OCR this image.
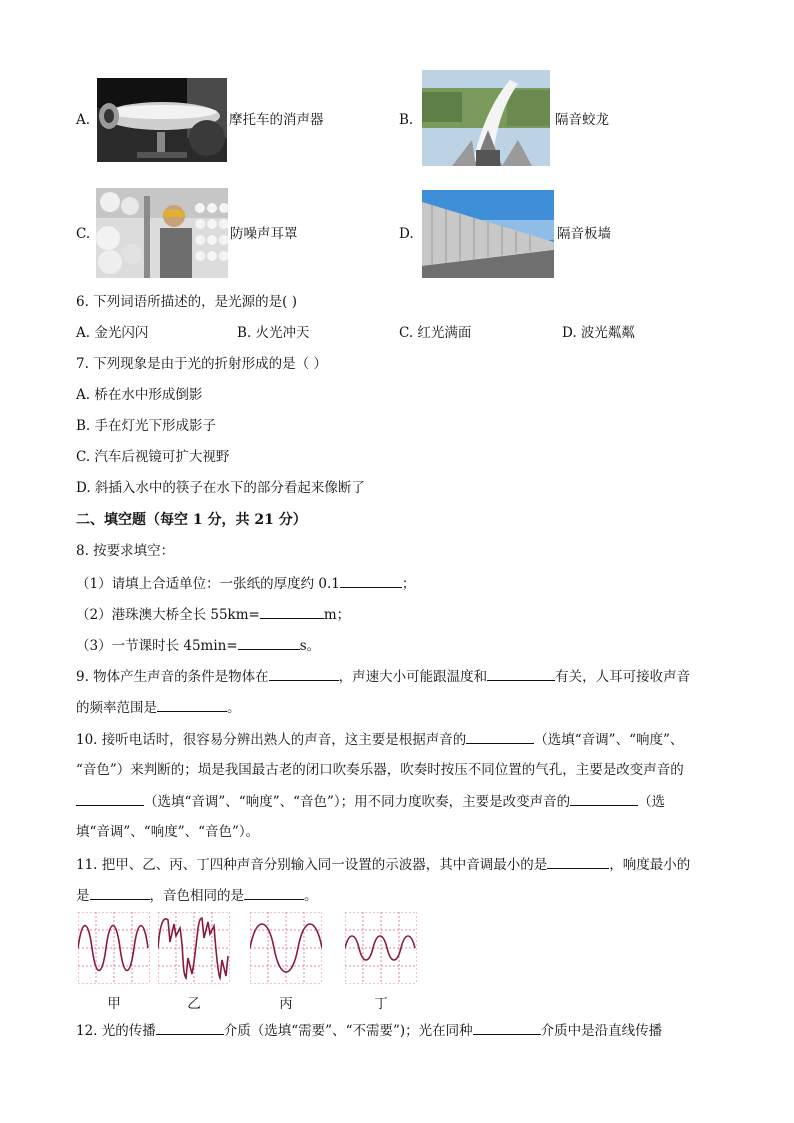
A.	摩托车的消声器	B.	隔音蛟龙
C.	防噪声耳罩	D.	隔音板墙
6. 下列词语所描述的，是光源的是( )
A. 金光闪闪	B. 火光冲天	C. 红光满面	D. 波光粼粼
7. 下列现象是由于光的折射形成的是（ ）
A. 桥在水中形成倒影
B. 手在灯光下形成影子
C. 汽车后视镜可扩大视野
D. 斜插入水中的筷子在水下的部分看起来像断了
二、填空题（每空 1 分，共 21 分）
8. 按要求填空：
（1）请填上合适单位：一张纸的厚度约 0.1	；
（2）港珠澳大桥全长 55km=	m；
（3）一节课时长 45min=	s。
9. 物体产生声音的条件是物体在	，声速大小可能跟温度和	有关，人耳可接收声音
的频率范围是	。
10. 接听电话时，很容易分辨出熟人的声音，这主要是根据声音的	（选填“音调”、“响度”、
“音色”）来判断的；埙是我国最古老的闭口吹奏乐器，吹奏时按压不同位置的气孔，主要是改变声音的
（选填“音调”、“响度”、“音色”）；用不同力度吹奏，主要是改变声音的	（选
填“音调”、“响度”、“音色”）。
11. 把甲、乙、丙、丁四种声音分别输入同一设置的示波器，其中音调最小的是	，响度最小的
是	，音色相同的是	。
甲	乙	丙	丁
12. 光的传播	介质（选填“需要”、“不需要”)；光在同种	介质中是沿直线传播
